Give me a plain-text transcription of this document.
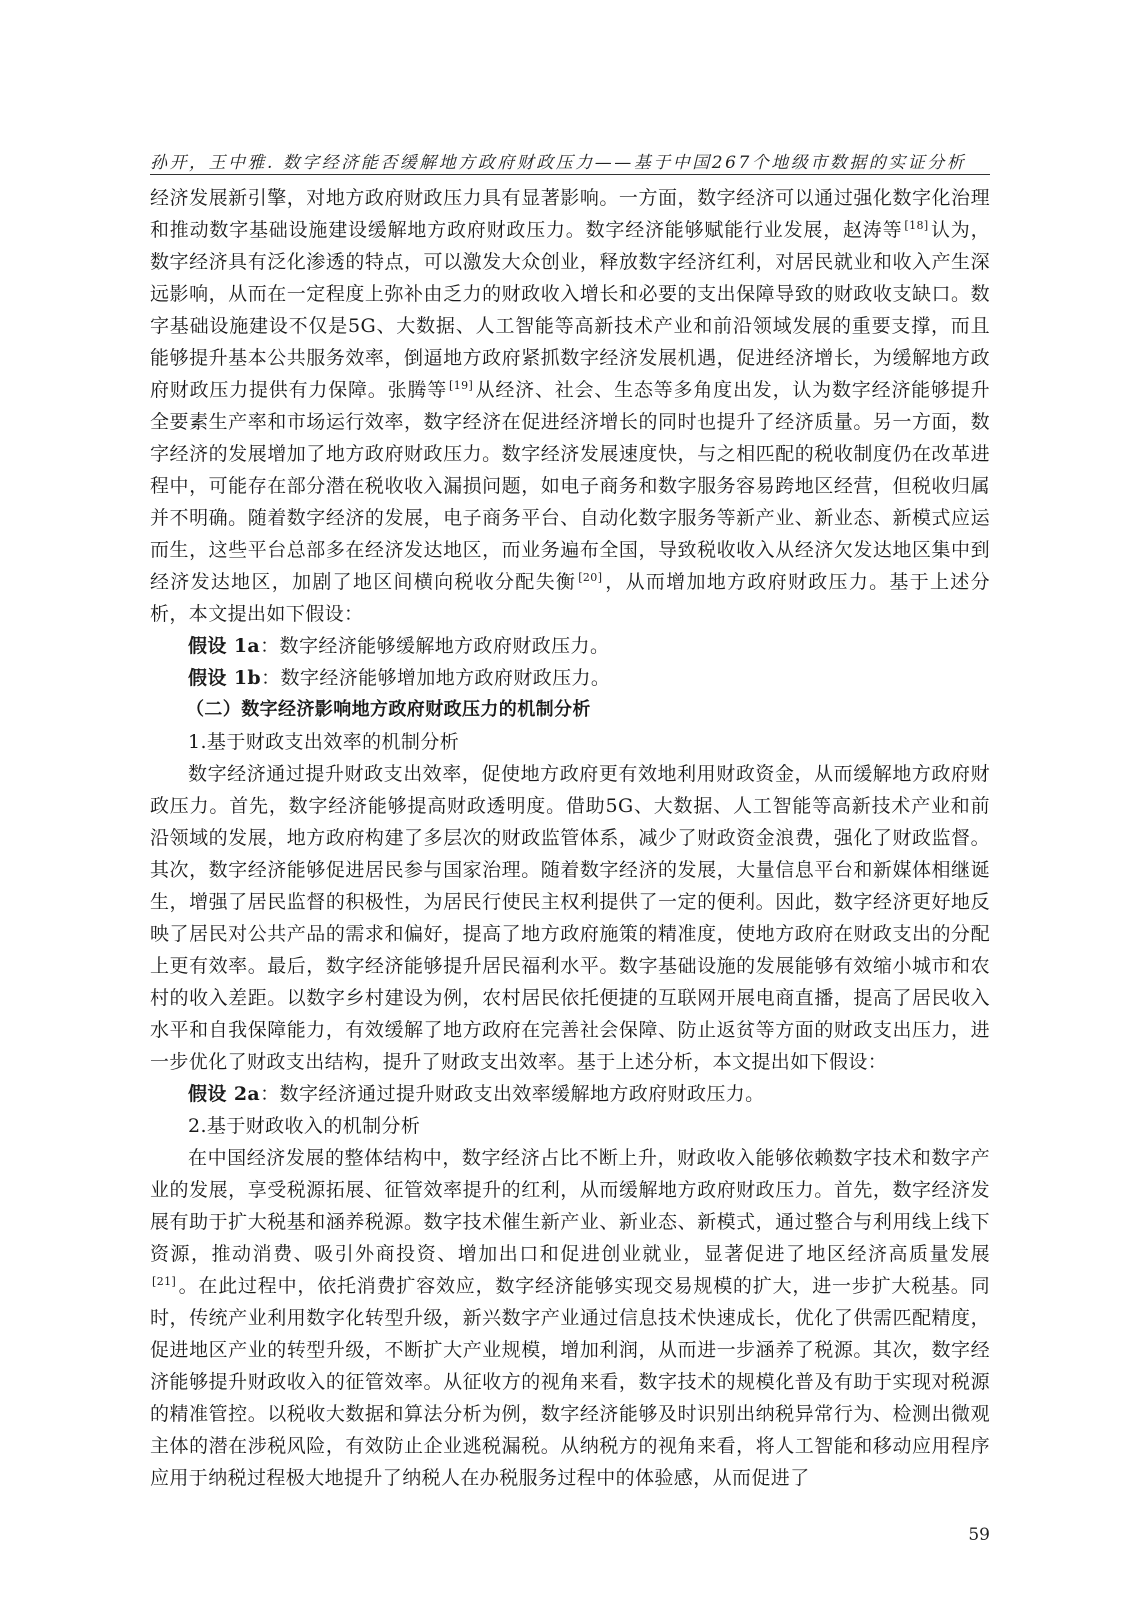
孙开，王中雅. 数字经济能否缓解地方政府财政压力——基于中国267个地级市数据的实证分析

经济发展新引擎，对地方政府财政压力具有显著影响。一方面，数字经济可以通过强化数字化治理和推动数字基础设施建设缓解地方政府财政压力。数字经济能够赋能行业发展，赵涛等 [18] 认为，数字经济具有泛化渗透的特点，可以激发大众创业，释放数字经济红利，对居民就业和收入产生深远影响，从而在一定程度上弥补由乏力的财政收入增长和必要的支出保障导致的财政收支缺口。数字基础设施建设不仅是5G、大数据、人工智能等高新技术产业和前沿领域发展的重要支撑，而且能够提升基本公共服务效率，倒逼地方政府紧抓数字经济发展机遇，促进经济增长，为缓解地方政府财政压力提供有力保障。张腾等 [19] 从经济、社会、生态等多角度出发，认为数字经济能够提升全要素生产率和市场运行效率，数字经济在促进经济增长的同时也提升了经济质量。另一方面，数字经济的发展增加了地方政府财政压力。数字经济发展速度快，与之相匹配的税收制度仍在改革进程中，可能存在部分潜在税收收入漏损问题，如电子商务和数字服务容易跨地区经营，但税收归属并不明确。随着数字经济的发展，电子商务平台、自动化数字服务等新产业、新业态、新模式应运而生，这些平台总部多在经济发达地区，而业务遍布全国，导致税收收入从经济欠发达地区集中到经济发达地区，加剧了地区间横向税收分配失衡 [20] ，从而增加地方政府财政压力。基于上述分析，本文提出如下假设：

假设 1a：数字经济能够缓解地方政府财政压力。

假设 1b：数字经济能够增加地方政府财政压力。

（二）数字经济影响地方政府财政压力的机制分析

1.基于财政支出效率的机制分析

数字经济通过提升财政支出效率，促使地方政府更有效地利用财政资金，从而缓解地方政府财政压力。首先，数字经济能够提高财政透明度。借助5G、大数据、人工智能等高新技术产业和前沿领域的发展，地方政府构建了多层次的财政监管体系，减少了财政资金浪费，强化了财政监督。其次，数字经济能够促进居民参与国家治理。随着数字经济的发展，大量信息平台和新媒体相继诞生，增强了居民监督的积极性，为居民行使民主权利提供了一定的便利。因此，数字经济更好地反映了居民对公共产品的需求和偏好，提高了地方政府施策的精准度，使地方政府在财政支出的分配上更有效率。最后，数字经济能够提升居民福利水平。数字基础设施的发展能够有效缩小城市和农村的收入差距。以数字乡村建设为例，农村居民依托便捷的互联网开展电商直播，提高了居民收入水平和自我保障能力，有效缓解了地方政府在完善社会保障、防止返贫等方面的财政支出压力，进一步优化了财政支出结构，提升了财政支出效率。基于上述分析，本文提出如下假设：

假设 2a：数字经济通过提升财政支出效率缓解地方政府财政压力。

2.基于财政收入的机制分析

在中国经济发展的整体结构中，数字经济占比不断上升，财政收入能够依赖数字技术和数字产业的发展，享受税源拓展、征管效率提升的红利，从而缓解地方政府财政压力。首先，数字经济发展有助于扩大税基和涵养税源。数字技术催生新产业、新业态、新模式，通过整合与利用线上线下资源，推动消费、吸引外商投资、增加出口和促进创业就业，显著促进了地区经济高质量发展[21] 。在此过程中，依托消费扩容效应，数字经济能够实现交易规模的扩大，进一步扩大税基。同时，传统产业利用数字化转型升级，新兴数字产业通过信息技术快速成长，优化了供需匹配精度，促进地区产业的转型升级，不断扩大产业规模，增加利润，从而进一步涵养了税源。其次，数字经济能够提升财政收入的征管效率。从征收方的视角来看，数字技术的规模化普及有助于实现对税源的精准管控。以税收大数据和算法分析为例，数字经济能够及时识别出纳税异常行为、检测出微观主体的潜在涉税风险，有效防止企业逃税漏税。从纳税方的视角来看，将人工智能和移动应用程序应用于纳税过程极大地提升了纳税人在办税服务过程中的体验感，从而促进了

59
